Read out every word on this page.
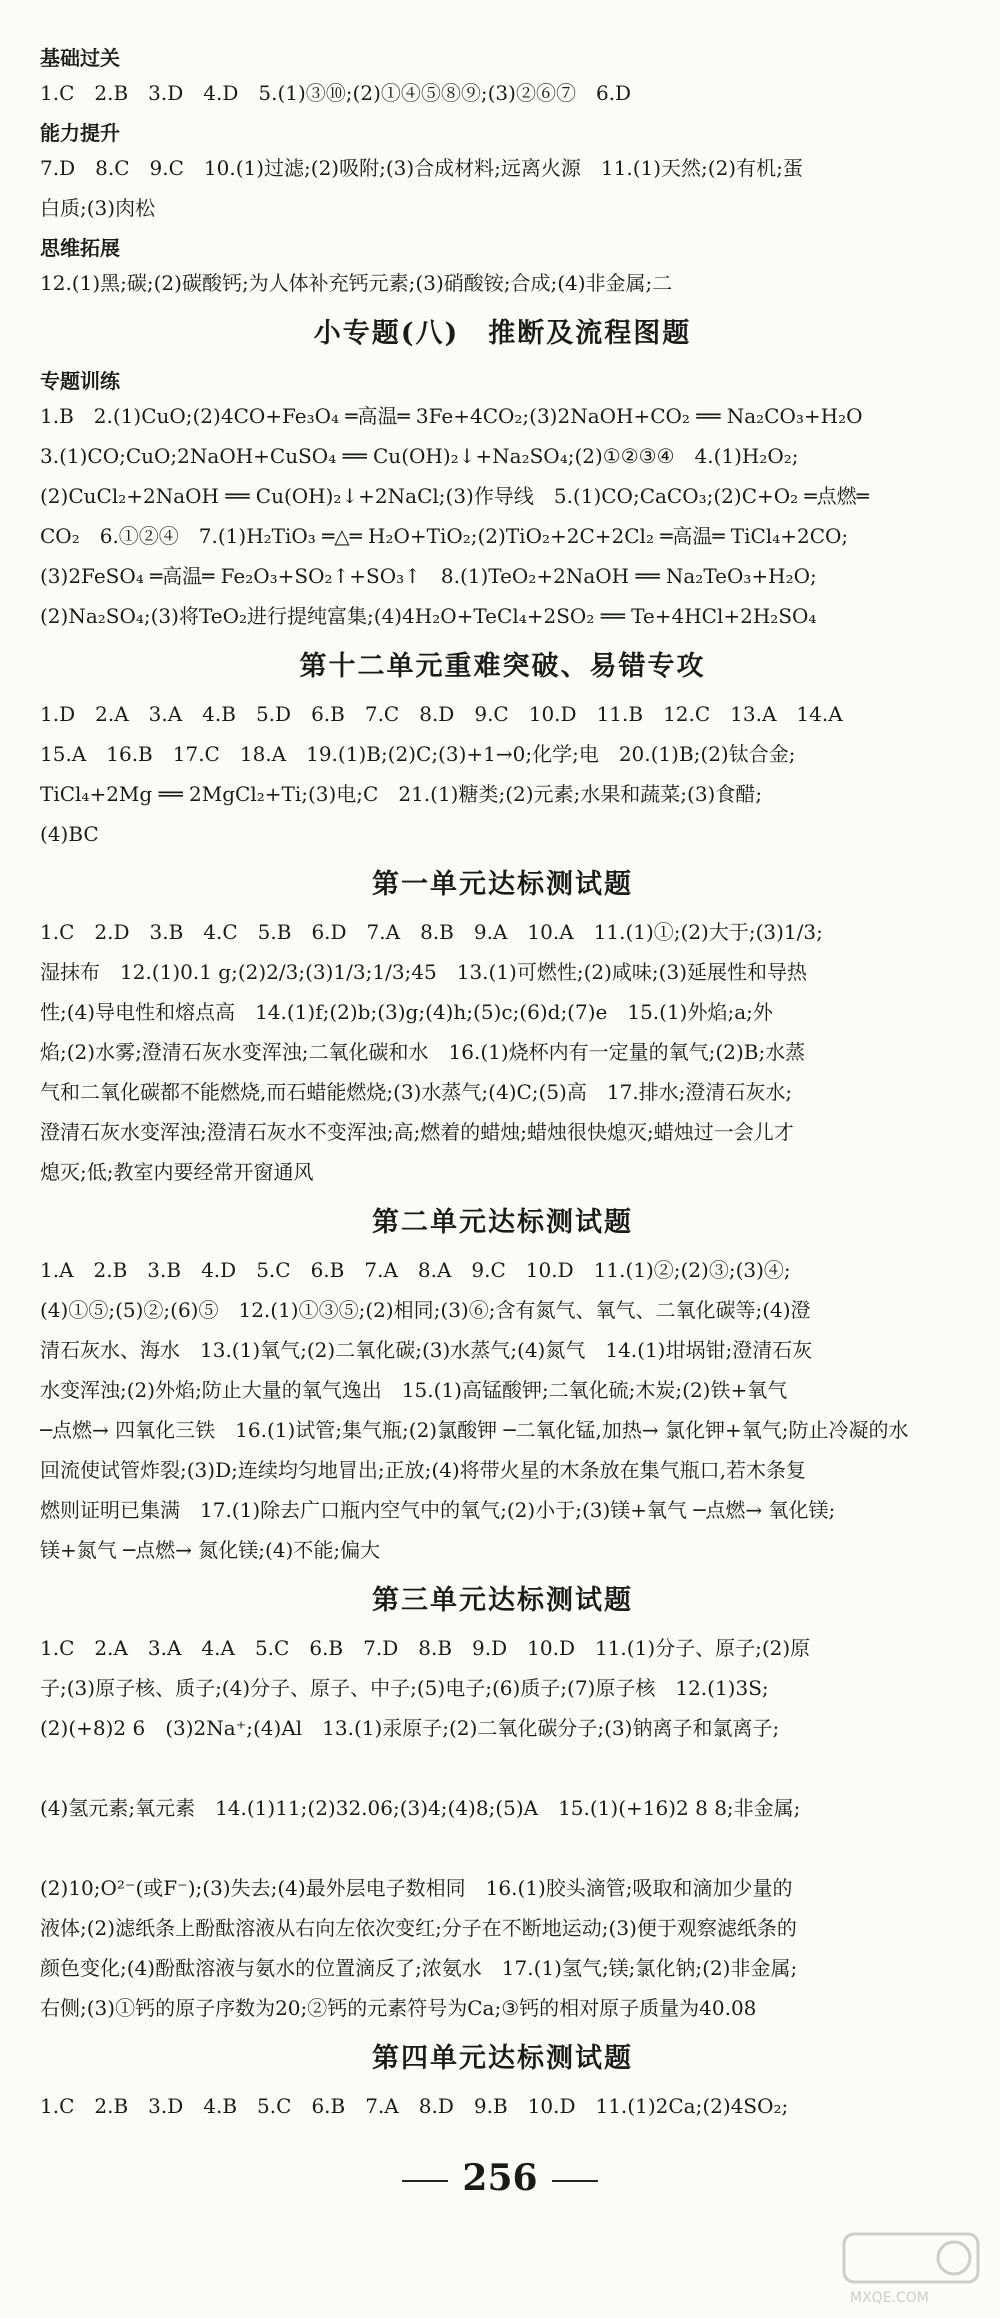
基础过关
1.C　2.B　3.D　4.D　5.(1)③⑩;(2)①④⑤⑧⑨;(3)②⑥⑦　6.D
能力提升
7.D　8.C　9.C　10.(1)过滤;(2)吸附;(3)合成材料;远离火源　11.(1)天然;(2)有机;蛋
白质;(3)肉松
思维拓展
12.(1)黑;碳;(2)碳酸钙;为人体补充钙元素;(3)硝酸铵;合成;(4)非金属;二
小专题(八)　推断及流程图题
专题训练
1.B　2.(1)CuO;(2)4CO+Fe₃O₄ ═高温═ 3Fe+4CO₂;(3)2NaOH+CO₂ ══ Na₂CO₃+H₂O
3.(1)CO;CuO;2NaOH+CuSO₄ ══ Cu(OH)₂↓+Na₂SO₄;(2)①②③④　4.(1)H₂O₂;
(2)CuCl₂+2NaOH ══ Cu(OH)₂↓+2NaCl;(3)作导线　5.(1)CO;CaCO₃;(2)C+O₂ ═点燃═
CO₂　6.①②④　7.(1)H₂TiO₃ ═△═ H₂O+TiO₂;(2)TiO₂+2C+2Cl₂ ═高温═ TiCl₄+2CO;
(3)2FeSO₄ ═高温═ Fe₂O₃+SO₂↑+SO₃↑　8.(1)TeO₂+2NaOH ══ Na₂TeO₃+H₂O;
(2)Na₂SO₄;(3)将TeO₂进行提纯富集;(4)4H₂O+TeCl₄+2SO₂ ══ Te+4HCl+2H₂SO₄
第十二单元重难突破、易错专攻
1.D　2.A　3.A　4.B　5.D　6.B　7.C　8.D　9.C　10.D　11.B　12.C　13.A　14.A
15.A　16.B　17.C　18.A　19.(1)B;(2)C;(3)+1→0;化学;电　20.(1)B;(2)钛合金;
TiCl₄+2Mg ══ 2MgCl₂+Ti;(3)电;C　21.(1)糖类;(2)元素;水果和蔬菜;(3)食醋;
(4)BC
第一单元达标测试题
1.C　2.D　3.B　4.C　5.B　6.D　7.A　8.B　9.A　10.A　11.(1)①;(2)大于;(3)1/3;
湿抹布　12.(1)0.1 g;(2)2/3;(3)1/3;1/3;45　13.(1)可燃性;(2)咸味;(3)延展性和导热
性;(4)导电性和熔点高　14.(1)f;(2)b;(3)g;(4)h;(5)c;(6)d;(7)e　15.(1)外焰;a;外
焰;(2)水雾;澄清石灰水变浑浊;二氧化碳和水　16.(1)烧杯内有一定量的氧气;(2)B;水蒸
气和二氧化碳都不能燃烧,而石蜡能燃烧;(3)水蒸气;(4)C;(5)高　17.排水;澄清石灰水;
澄清石灰水变浑浊;澄清石灰水不变浑浊;高;燃着的蜡烛;蜡烛很快熄灭;蜡烛过一会儿才
熄灭;低;教室内要经常开窗通风
第二单元达标测试题
1.A　2.B　3.B　4.D　5.C　6.B　7.A　8.A　9.C　10.D　11.(1)②;(2)③;(3)④;
(4)①⑤;(5)②;(6)⑤　12.(1)①③⑤;(2)相同;(3)⑥;含有氮气、氧气、二氧化碳等;(4)澄
清石灰水、海水　13.(1)氧气;(2)二氧化碳;(3)水蒸气;(4)氮气　14.(1)坩埚钳;澄清石灰
水变浑浊;(2)外焰;防止大量的氧气逸出　15.(1)高锰酸钾;二氧化硫;木炭;(2)铁+氧气
─点燃→ 四氧化三铁　16.(1)试管;集气瓶;(2)氯酸钾 ─二氧化锰,加热→ 氯化钾+氧气;防止冷凝的水
回流使试管炸裂;(3)D;连续均匀地冒出;正放;(4)将带火星的木条放在集气瓶口,若木条复
燃则证明已集满　17.(1)除去广口瓶内空气中的氧气;(2)小于;(3)镁+氧气 ─点燃→ 氧化镁;
镁+氮气 ─点燃→ 氮化镁;(4)不能;偏大
第三单元达标测试题
1.C　2.A　3.A　4.A　5.C　6.B　7.D　8.B　9.D　10.D　11.(1)分子、原子;(2)原
子;(3)原子核、质子;(4)分子、原子、中子;(5)电子;(6)质子;(7)原子核　12.(1)3S;
(2)(+8)2 6　(3)2Na⁺;(4)Al　13.(1)汞原子;(2)二氧化碳分子;(3)钠离子和氯离子;

(4)氢元素;氧元素　14.(1)11;(2)32.06;(3)4;(4)8;(5)A　15.(1)(+16)2 8 8;非金属;

(2)10;O²⁻(或F⁻);(3)失去;(4)最外层电子数相同　16.(1)胶头滴管;吸取和滴加少量的
液体;(2)滤纸条上酚酞溶液从右向左依次变红;分子在不断地运动;(3)便于观察滤纸条的
颜色变化;(4)酚酞溶液与氨水的位置滴反了;浓氨水　17.(1)氢气;镁;氯化钠;(2)非金属;
右侧;(3)①钙的原子序数为20;②钙的元素符号为Ca;③钙的相对原子质量为40.08
第四单元达标测试题
1.C　2.B　3.D　4.B　5.C　6.B　7.A　8.D　9.B　10.D　11.(1)2Ca;(2)4SO₂;
256
MXQE.COM
